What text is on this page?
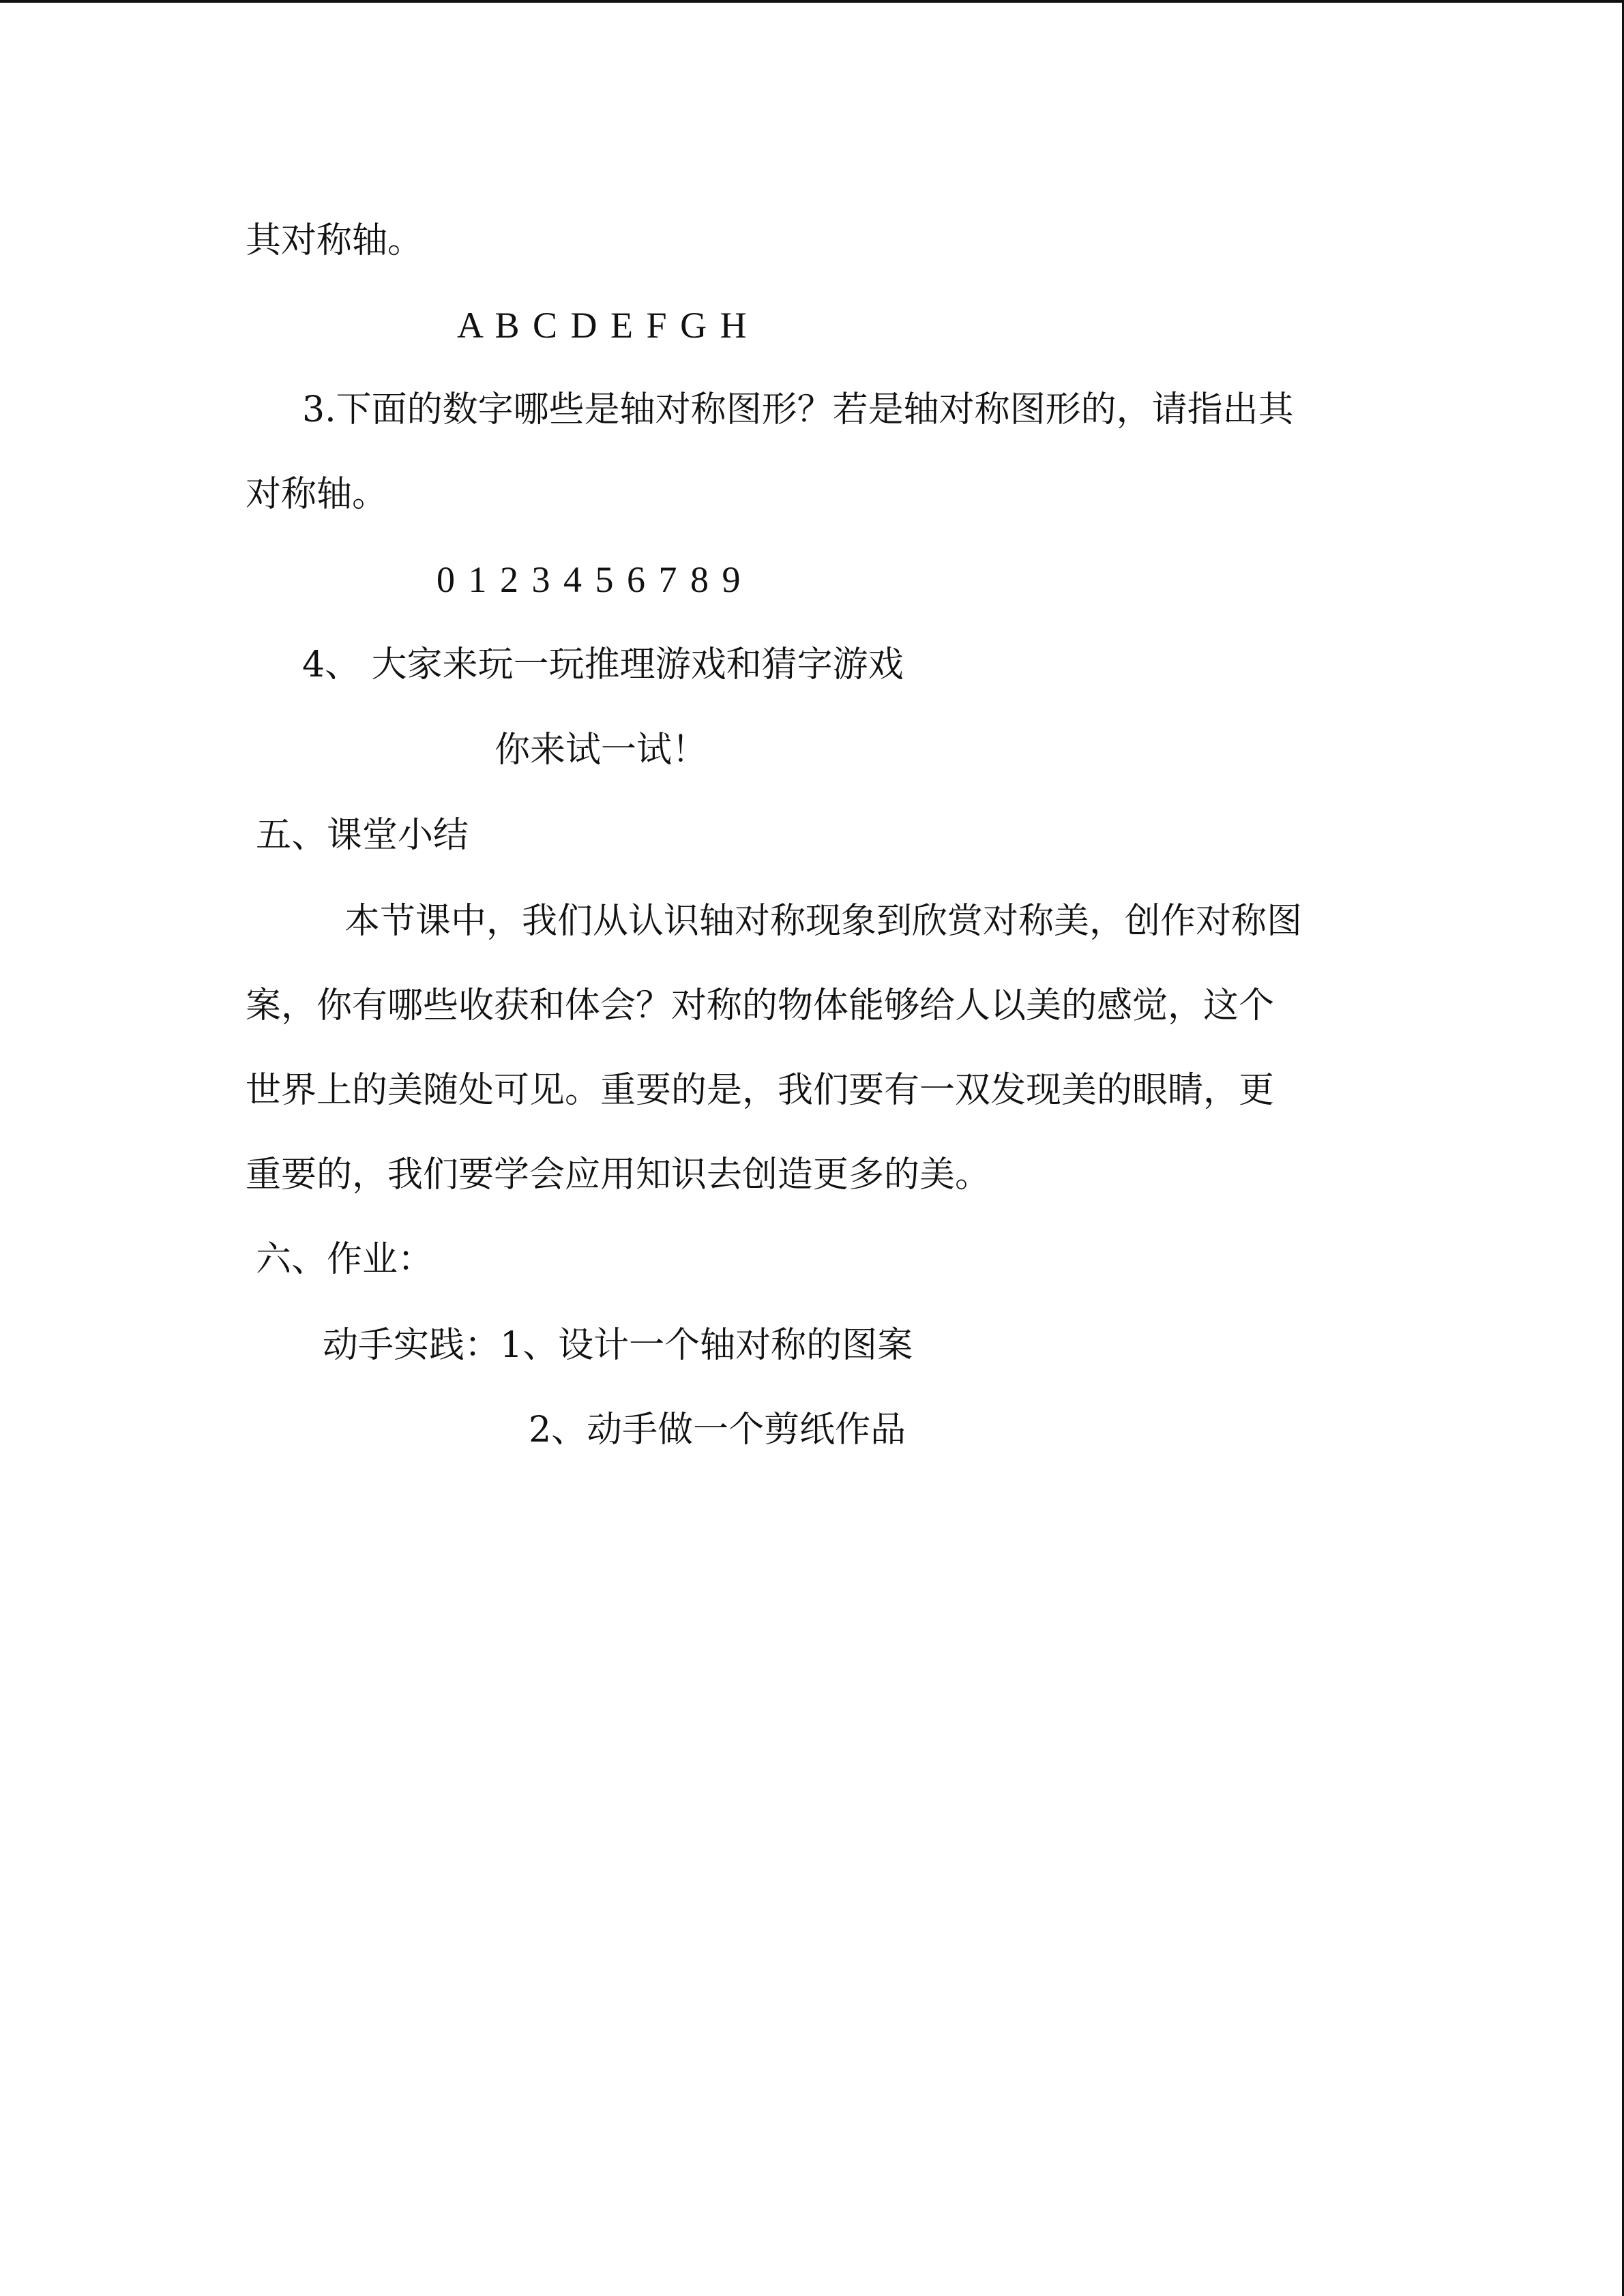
其对称轴。
A B C D E F G H
3.下面的数字哪些是轴对称图形？若是轴对称图形的，请指出其
对称轴。
0 1 2 3 4 5 6 7 8 9
4、 大家来玩一玩推理游戏和猜字游戏
你来试一试！
五、课堂小结
本节课中，我们从认识轴对称现象到欣赏对称美，创作对称图
案，你有哪些收获和体会？对称的物体能够给人以美的感觉，这个
世界上的美随处可见。重要的是，我们要有一双发现美的眼睛，更
重要的，我们要学会应用知识去创造更多的美。
六、作业：
动手实践：1、设计一个轴对称的图案
2、动手做一个剪纸作品
